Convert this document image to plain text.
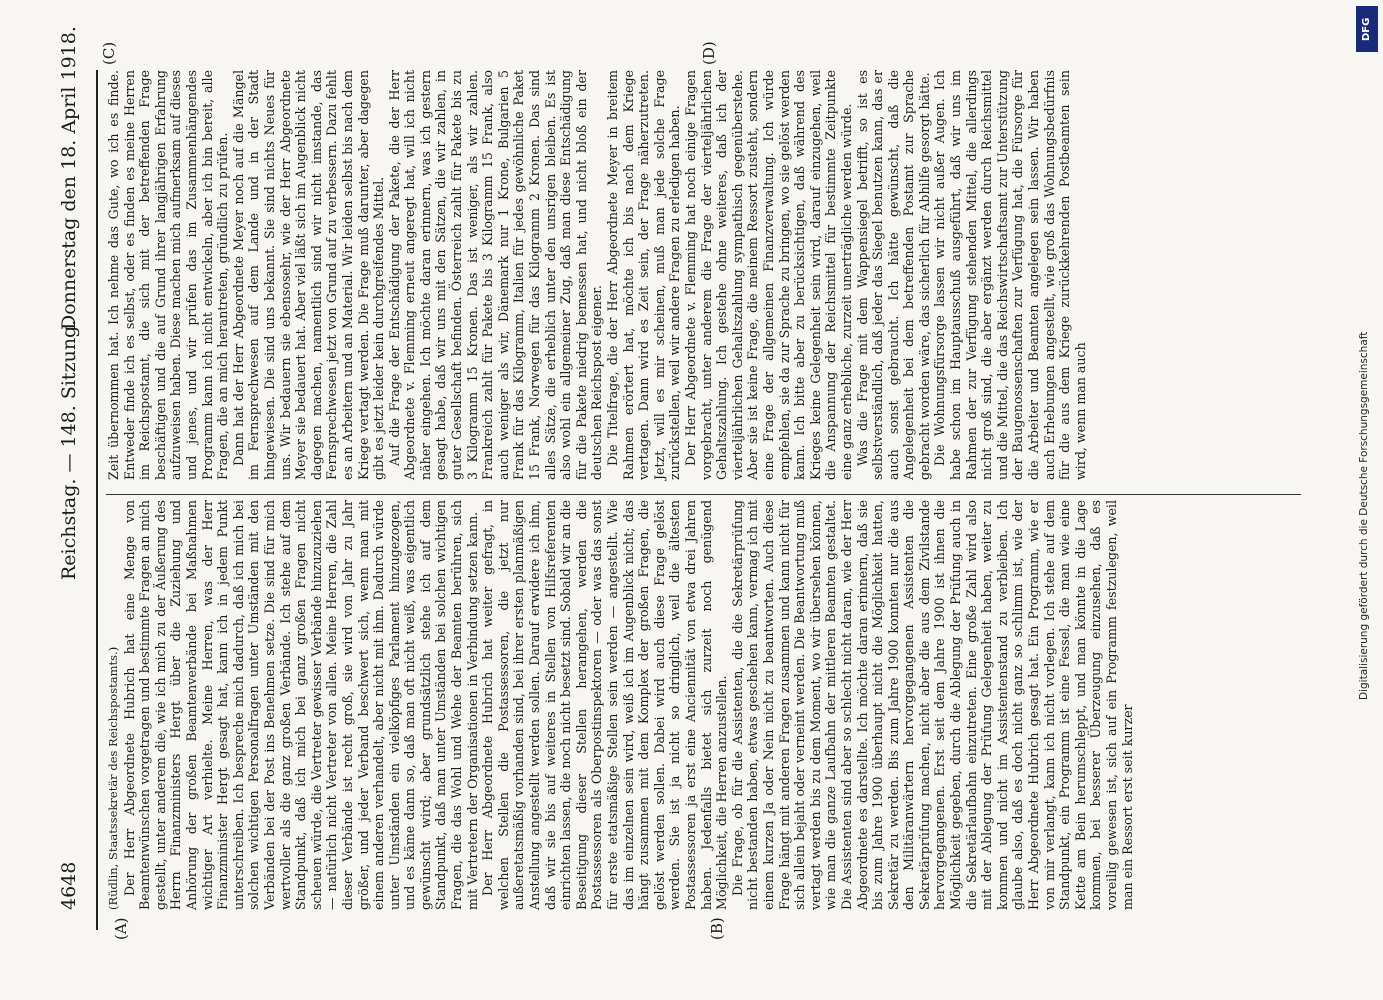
4648
Reichstag. — 148. Sitzung.
Donnerstag den 18. April 1918.
(A)	(B)
(C)	(D)

(Rüdlin, Staatssekretär des Reichspostamts.) Der Herr Abgeordnete Hubrich hat eine Menge von Beamtenwünschen vorgetragen und bestimmte Fragen an mich gestellt, unter anderem die, wie ich mich zu der Äußerung des Herrn Finanzministers Hergt über die Zuziehung und Anhörung der großen Beamtenverbände bei Maßnahmen wichtiger Art verhielte. Meine Herren, was der Herr Finanzminister Hergt gesagt hat, kann ich in jedem Punkt unterschreiben. Ich bespreche mich dadurch, daß ich mich bei solchen wichtigen Personalfragen unter Umständen mit den Verbänden bei der Post ins Benehmen setze. Die sind für mich wertvoller als die ganz großen Verbände. Ich stehe auf dem Standpunkt, daß ich mich bei ganz großen Fragen nicht scheuen würde, die Vertreter gewisser Verbände hinzuzuziehen — natürlich nicht Vertreter von allen. Meine Herren, die Zahl dieser Verbände ist recht groß, sie wird von Jahr zu Jahr größer, und jeder Verband beschwert sich, wenn man mit einem anderen verhandelt, aber nicht mit ihm. Dadurch würde unter Umständen ein vielköpfiges Parlament hinzugezogen, und es käme dann so, daß man oft nicht weiß, was eigentlich gewünscht wird; aber grundsätzlich stehe ich auf dem Standpunkt, daß man unter Umständen bei solchen wichtigen Fragen, die das Wohl und Wehe der Beamten berühren, sich mit Vertretern der Organisationen in Verbindung setzen kann. Der Herr Abgeordnete Hubrich hat weiter gefragt, in welchen Stellen die Postassessoren, die jetzt nur außeretatsmäßig vorhanden sind, bei ihrer ersten planmäßigen Anstellung angestellt werden sollen. Darauf erwidere ich ihm, daß wir sie bis auf weiteres in Stellen von Hilfsreferenten einrichten lassen, die noch nicht besetzt sind. Sobald wir an die Beseitigung dieser Stellen herangehen, werden die Postassessoren als Oberpostinspektoren — oder was das sonst für erste etatsmäßige Stellen sein werden — angestellt. Wie das im einzelnen sein wird, weiß ich im Augenblick nicht; das hängt zusammen mit dem Komplex der großen Fragen, die gelöst werden sollen. Dabei wird auch diese Frage gelöst werden. Sie ist ja nicht so dringlich, weil die ältesten Postassessoren ja erst eine Anciennität von etwa drei Jahren haben. Jedenfalls bietet sich zurzeit noch genügend Möglichkeit, die Herren anzustellen. Die Frage, ob für die Assistenten, die die Sekretärprüfung nicht bestanden haben, etwas geschehen kann, vermag ich mit einem kurzen Ja oder Nein nicht zu beantworten. Auch diese Frage hängt mit anderen Fragen zusammen und kann nicht für sich allein bejaht oder verneint werden. Die Beantwortung muß vertagt werden bis zu dem Moment, wo wir übersehen können, wie man die ganze Laufbahn der mittleren Beamten gestaltet. Die Assistenten sind aber so schlecht nicht daran, wie der Herr Abgeordnete es darstellte. Ich möchte daran erinnern, daß sie bis zum Jahre 1900 überhaupt nicht die Möglichkeit hatten, Sekretär zu werden. Bis zum Jahre 1900 konnten nur die aus den Militäranwärtern hervorgegangenen Assistenten die Sekretärprüfung machen, nicht aber die aus dem Zivilstande hervorgegangenen. Erst seit dem Jahre 1900 ist ihnen die Möglichkeit gegeben, durch die Ablegung der Prüfung auch in die Sekretärlaufbahn einzutreten. Eine große Zahl wird also mit der Ablegung der Prüfung Gelegenheit haben, weiter zu kommen und nicht im Assistentenstand zu verbleiben. Ich glaube also, daß es doch nicht ganz so schlimm ist, wie der Herr Abgeordnete Hubrich gesagt hat. Ein Programm, wie er von mir verlangt, kann ich nicht vorlegen. Ich stehe auf dem Standpunkt, ein Programm ist eine Fessel, die man wie eine Kette am Bein herumschleppt, und man könnte in die Lage kommen, bei besserer Überzeugung einzusehen, daß es voreilig gewesen ist, sich auf ein Programm festzulegen, weil man ein Ressort erst seit kurzer

Zeit übernommen hat. Ich nehme das Gute, wo ich es finde. Entweder finde ich es selbst, oder es finden es meine Herren im Reichspostamt, die sich mit der betreffenden Frage beschäftigen und die auf Grund ihrer langjährigen Erfahrung aufzuweisen haben. Diese machen mich aufmerksam auf dieses und jenes, und wir prüfen das im Zusammenhängendes Programm kann ich nicht entwickeln, aber ich bin bereit, alle Fragen, die an mich herantreten, gründlich zu prüfen. Dann hat der Herr Abgeordnete Meyer noch auf die Mängel im Fernsprechwesen auf dem Lande und in der Stadt hingewiesen. Die sind uns bekannt. Sie sind nichts Neues für uns. Wir bedauern sie ebensosehr, wie der Herr Abgeordnete Meyer sie bedauert hat. Aber viel läßt sich im Augenblick nicht dagegen machen, namentlich sind wir nicht imstande, das Fernsprechwesen jetzt von Grund auf zu verbessern. Dazu fehlt es an Arbeitern und an Material. Wir leiden selbst bis nach dem Kriege vertagt werden. Die Frage muß darunter, aber dagegen gibt es jetzt leider kein durchgreifendes Mittel. Auf die Frage der Entschädigung der Pakete, die der Herr Abgeordnete v. Flemming erneut angeregt hat, will ich nicht näher eingehen. Ich möchte daran erinnern, was ich gestern gesagt habe, daß wir uns mit den Sätzen, die wir zahlen, in guter Gesellschaft befinden. Österreich zahlt für Pakete bis zu 3 Kilogramm 15 Kronen. Das ist weniger, als wir zahlen. Frankreich zahlt für Pakete bis 3 Kilogramm 15 Frank, also auch weniger als wir, Dänemark nur 1 Krone, Bulgarien 5 Frank für das Kilogramm, Italien für jedes gewöhnliche Paket 15 Frank, Norwegen für das Kilogramm 2 Kronen. Das sind alles Sätze, die erheblich unter den unsrigen bleiben. Es ist also wohl ein allgemeiner Zug, daß man diese Entschädigung für die Pakete niedrig bemessen hat, und nicht bloß ein der deutschen Reichspost eigener. Die Titelfrage, die der Herr Abgeordnete Meyer in breitem Rahmen erörtert hat, möchte ich bis nach dem Kriege vertagen. Dann wird es Zeit sein, der Frage näherzutreten. Jetzt, will es mir scheinen, muß man jede solche Frage zurückstellen, weil wir andere Fragen zu erledigen haben. Der Herr Abgeordnete v. Flemming hat noch einige Fragen vorgebracht, unter anderem die Frage der vierteljährlichen Gehaltszahlung. Ich gestehe ohne weiteres, daß ich der vierteljährlichen Gehaltszahlung sympathisch gegenüberstehe. Aber sie ist keine Frage, die meinem Ressort zusteht, sondern eine Frage der allgemeinen Finanzverwaltung. Ich würde empfehlen, sie da zur Sprache zu bringen, wo sie gelöst werden kann. Ich bitte aber zu berücksichtigen, daß während des Krieges keine Gelegenheit sein wird, darauf einzugehen, weil die Anspannung der Reichsmittel für bestimmte Zeitpunkte eine ganz erhebliche, zurzeit unerträgliche werden würde. Was die Frage mit dem Wappensiegel betrifft, so ist es selbstverständlich, daß jeder das Siegel benutzen kann, das er auch sonst gebraucht. Ich hätte gewünscht, daß die Angelegenheit bei dem betreffenden Postamt zur Sprache gebracht worden wäre, das sicherlich für Abhilfe gesorgt hätte. Die Wohnungsfürsorge lassen wir nicht außer Augen. Ich habe schon im Hauptausschuß ausgeführt, daß wir uns im Rahmen der zur Verfügung stehenden Mittel, die allerdings nicht groß sind, die aber ergänzt werden durch Reichsmittel und die Mittel, die das Reichswirtschaftsamt zur Unterstützung der Baugenossenschaften zur Verfügung hat, die Fürsorge für die Arbeiter und Beamten angelegen sein lassen. Wir haben auch Erhebungen angestellt, wie groß das Wohnungsbedürfnis für die aus dem Kriege zurückkehrenden Postbeamten sein wird, wenn man auch

DFG
Digitalisierung gefördert durch die Deutsche Forschungsgemeinschaft
